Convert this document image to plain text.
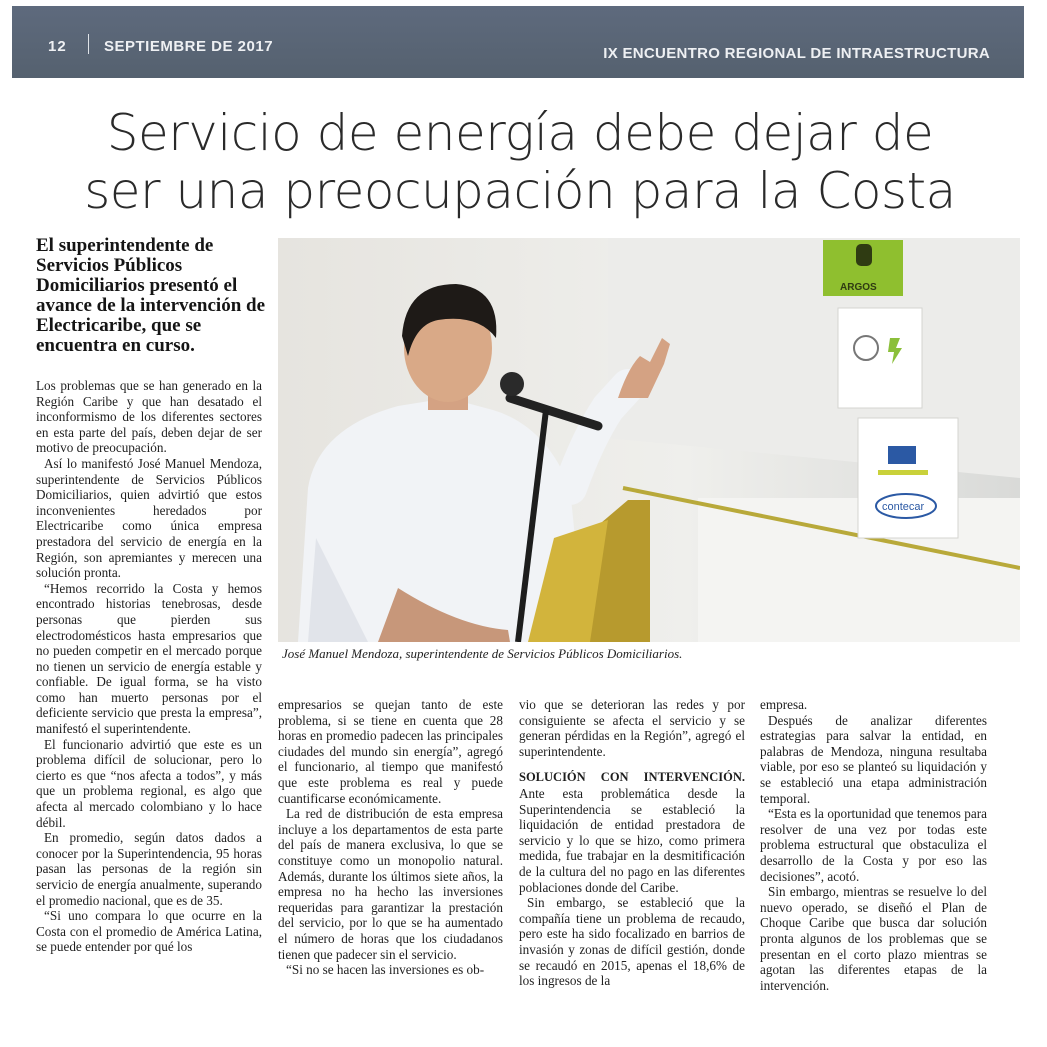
12 SEPTIEMBRE DE 2017	IX ENCUENTRO REGIONAL DE INTRAESTRUCTURA
Servicio de energía debe dejar de
ser una preocupación para la Costa

El superintendente de Servicios Públicos Domiciliarios presentó el avance de la intervención de Electricaribe, que se encuentra en curso.

ARGOS
contecar
José Manuel Mendoza, superintendente de Servicios Públicos Domiciliarios.

Los problemas que se han generado en la Región Caribe y que han desatado el inconformismo de los diferentes sectores en esta parte del país, deben dejar de ser motivo de preocupación.

Así lo manifestó José Manuel Mendoza, superintendente de Servicios Públicos Domiciliarios, quien advirtió que estos inconvenientes heredados por Electricaribe como única empresa prestadora del servicio de energía en la Región, son apremiantes y merecen una solución pronta.

“Hemos recorrido la Costa y hemos encontrado historias tenebrosas, desde personas que pierden sus electrodomésticos hasta empresarios que no pueden competir en el mercado porque no tienen un servicio de energía estable y confiable. De igual forma, se ha visto como han muerto personas por el deficiente servicio que presta la empresa”, manifestó el superintendente.

El funcionario advirtió que este es un problema difícil de solucionar, pero lo cierto es que “nos afecta a todos”, y más que un problema regional, es algo que afecta al mercado colombiano y lo hace débil.

En promedio, según datos dados a conocer por la Superintendencia, 95 horas pasan las personas de la región sin servicio de energía anualmente, superando el promedio nacional, que es de 35.

“Si uno compara lo que ocurre en la Costa con el promedio de América Latina, se puede entender por qué los

empresarios se quejan tanto de este problema, si se tiene en cuenta que 28 horas en promedio padecen las principales ciudades del mundo sin energía”, agregó el funcionario, al tiempo que manifestó que este problema es real y puede cuantificarse económicamente.

La red de distribución de esta empresa incluye a los departamentos de esta parte del país de manera exclusiva, lo que se constituye como un monopolio natural. Además, durante los últimos siete años, la empresa no ha hecho las inversiones requeridas para garantizar la prestación del servicio, por lo que se ha aumentado el número de horas que los ciudadanos tienen que padecer sin el servicio.

“Si no se hacen las inversiones es ob-

vio que se deterioran las redes y por consiguiente se afecta el servicio y se generan pérdidas en la Región”, agregó el superintendente.

SOLUCIÓN CON INTERVENCIÓN. Ante esta problemática desde la Superintendencia se estableció la liquidación de entidad prestadora de servicio y lo que se hizo, como primera medida, fue trabajar en la desmitificación de la cultura del no pago en las diferentes poblaciones donde del Caribe.

Sin embargo, se estableció que la compañía tiene un problema de recaudo, pero este ha sido focalizado en barrios de invasión y zonas de difícil gestión, donde se recaudó en 2015, apenas el 18,6% de los ingresos de la

empresa.

Después de analizar diferentes estrategias para salvar la entidad, en palabras de Mendoza, ninguna resultaba viable, por eso se planteó su liquidación y se estableció una etapa administración temporal.

“Esta es la oportunidad que tenemos para resolver de una vez por todas este problema estructural que obstaculiza el desarrollo de la Costa y por eso las decisiones”, acotó.

Sin embargo, mientras se resuelve lo del nuevo operado, se diseñó el Plan de Choque Caribe que busca dar solución pronta algunos de los problemas que se presentan en el corto plazo mientras se agotan las diferentes etapas de la intervención.
